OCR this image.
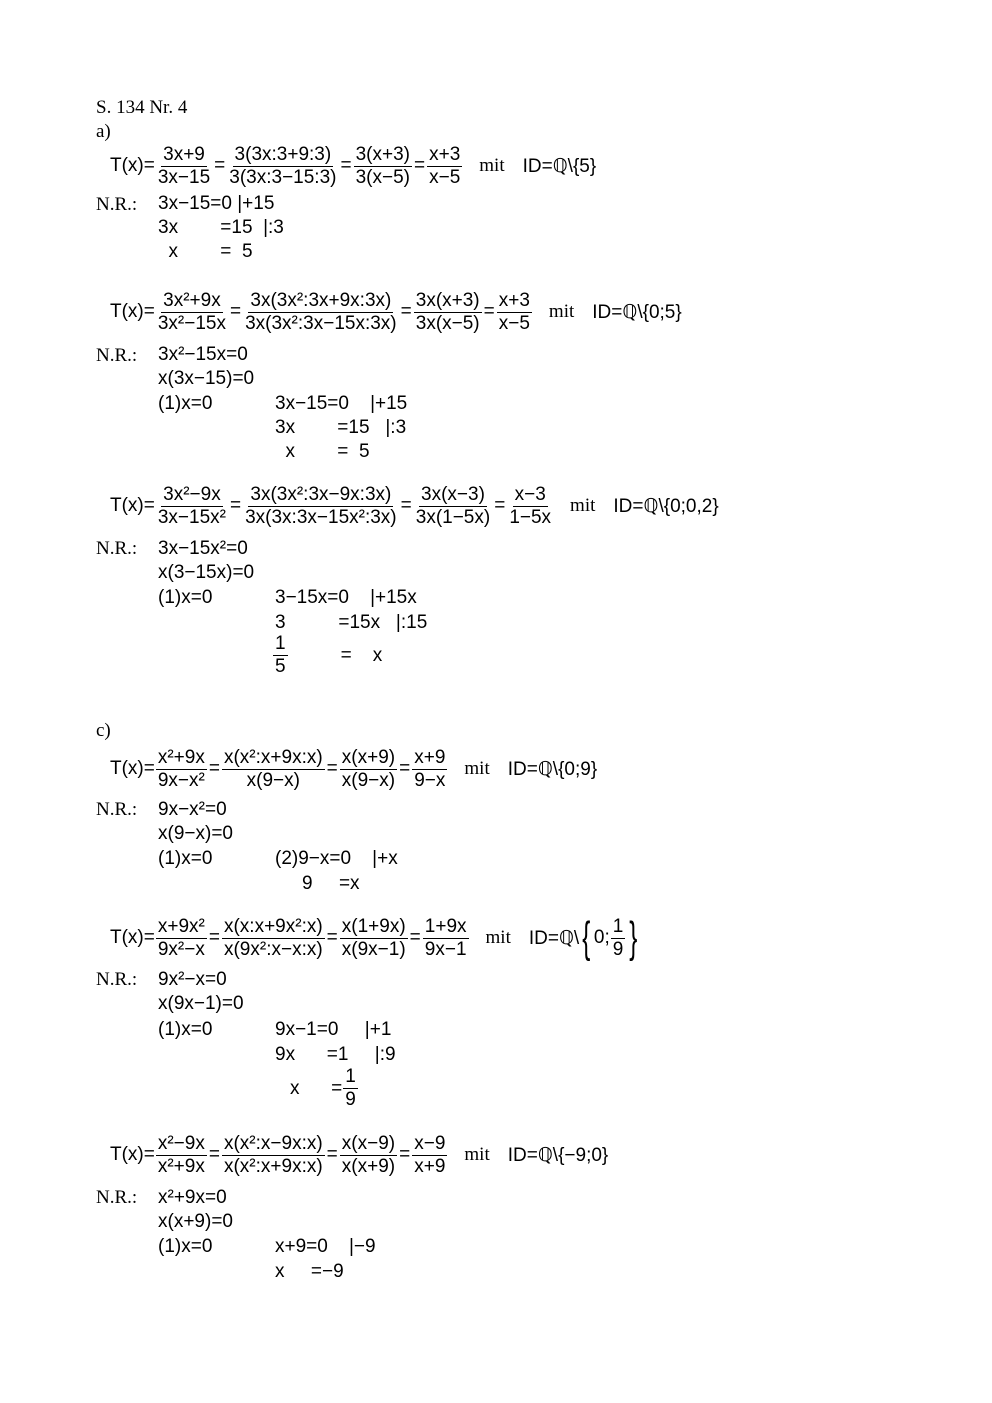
S. 134 Nr. 4
a)
$T(x)= \frac{3x+9}{3x-15} = \frac{3(3x:3+9:3)}{3(3x:3-15:3)} = \frac{3(x+3)}{3(x-5)} = \frac{x+3}{x-5}$ mit ID=ℚ\{5}
N.R.: 3x−15=0 |+15
3x        =15  |:3
x        =  5
$T(x)= \frac{\text{3x²+9x}}{\text{3x²−15x}} = \frac{\text{3x(3x²:3x+9x:3x)}}{\text{3x(3x²:3x−15x:3x)}} = \frac{3x(x+3)}{3x(x-5)} = \frac{x+3}{x-5}$ mit ID=ℚ\{0;5}
N.R.: 3x²−15x=0
x(3x−15)=0
(1)x=0	3x−15=0    |+15
3x        =15   |:3
x        =  5
$T(x)= \frac{\text{3x²−9x}}{\text{3x−15x²}} = \frac{\text{3x(3x²:3x−9x:3x)}}{\text{3x(3x:3x−15x²:3x)}} = \frac{3x(x-3)}{3x(1-5x)} = \frac{x-3}{1-5x}$ mit ID=ℚ\{0;0,2}
N.R.: 3x−15x²=0
x(3−15x)=0
(1)x=0	3−15x=0    |+15x
3          =15x   |:15
$\frac{1}{5}$	=    x
c)
$T(x)= \frac{\text{x²+9x}}{\text{9x−x²}} = \frac{\text{x(x²:x+9x:x)}}{x(9-x)} = \frac{x(x+9)}{x(9-x)} = \frac{x+9}{9-x}$ mit ID=ℚ\{0;9}
N.R.: 9x−x²=0
x(9−x)=0
(1)x=0	(2)9−x=0    |+x
9     =x
$T(x)= \frac{\text{x+9x²}}{\text{9x²−x}} = \frac{\text{x(x:x+9x²:x)}}{\text{x(9x²:x−x:x)}} = \frac{x(1+9x)}{x(9x-1)} = \frac{1+9x}{9x-1}$ mit ID=ℚ\ { 0; $\frac{1}{9}$ }
N.R.: 9x²−x=0
x(9x−1)=0
(1)x=0	9x−1=0     |+1
9x      =1     |:9
x      = $\frac{1}{9}$
$T(x)= \frac{\text{x²−9x}}{\text{x²+9x}} = \frac{\text{x(x²:x−9x:x)}}{\text{x(x²:x+9x:x)}} = \frac{x(x-9)}{x(x+9)} = \frac{x-9}{x+9}$ mit ID=ℚ\{−9;0}
N.R.: x²+9x=0
x(x+9)=0
(1)x=0	x+9=0    |−9
x     =−9
